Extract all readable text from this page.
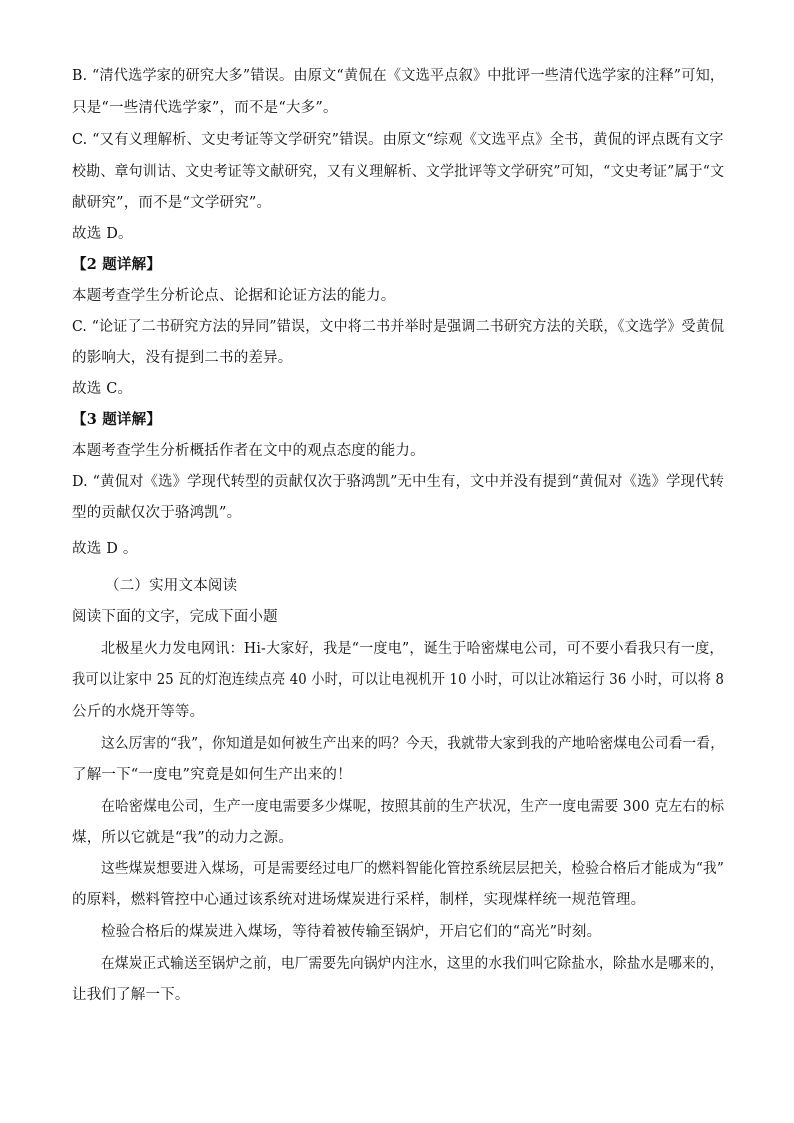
B. “清代选学家的研究大多”错误。由原文“黄侃在《文选平点叙》中批评一些清代选学家的注释”可知，
只是“一些清代选学家”，而不是“大多”。
C. “又有义理解析、文史考证等文学研究”错误。由原文“综观《文选平点》全书，黄侃的评点既有文字
校勘、章句训诂、文史考证等文献研究，又有义理解析、文学批评等文学研究”可知，“文史考证”属于“文
献研究”，而不是“文学研究”。
故选 D。
【2 题详解】
本题考查学生分析论点、论据和论证方法的能力。
C. “论证了二书研究方法的异同”错误，文中将二书并举时是强调二书研究方法的关联，《文选学》受黄侃
的影响大，没有提到二书的差异。
故选 C。
【3 题详解】
本题考查学生分析概括作者在文中的观点态度的能力。
D. “黄侃对《选》学现代转型的贡献仅次于骆鸿凯”无中生有，文中并没有提到“黄侃对《选》学现代转
型的贡献仅次于骆鸿凯”。
故选 D 。
（二）实用文本阅读
阅读下面的文字，完成下面小题
北极星火力发电网讯：Hi-大家好，我是“一度电”，诞生于哈密煤电公司，可不要小看我只有一度，
我可以让家中 25 瓦的灯泡连续点亮 40 小时，可以让电视机开 10 小时，可以让冰箱运行 36 小时，可以将 8
公斤的水烧开等等。
这么厉害的“我”，你知道是如何被生产出来的吗？今天，我就带大家到我的产地哈密煤电公司看一看，
了解一下“一度电”究竟是如何生产出来的！
在哈密煤电公司，生产一度电需要多少煤呢，按照其前的生产状况，生产一度电需要 300 克左右的标
煤，所以它就是“我”的动力之源。
这些煤炭想要进入煤场，可是需要经过电厂的燃料智能化管控系统层层把关，检验合格后才能成为“我”
的原料，燃料管控中心通过该系统对进场煤炭进行采样，制样，实现煤样统一规范管理。
检验合格后的煤炭进入煤场，等待着被传输至锅炉，开启它们的“高光”时刻。
在煤炭正式输送至锅炉之前，电厂需要先向锅炉内注水，这里的水我们叫它除盐水，除盐水是哪来的，
让我们了解一下。
